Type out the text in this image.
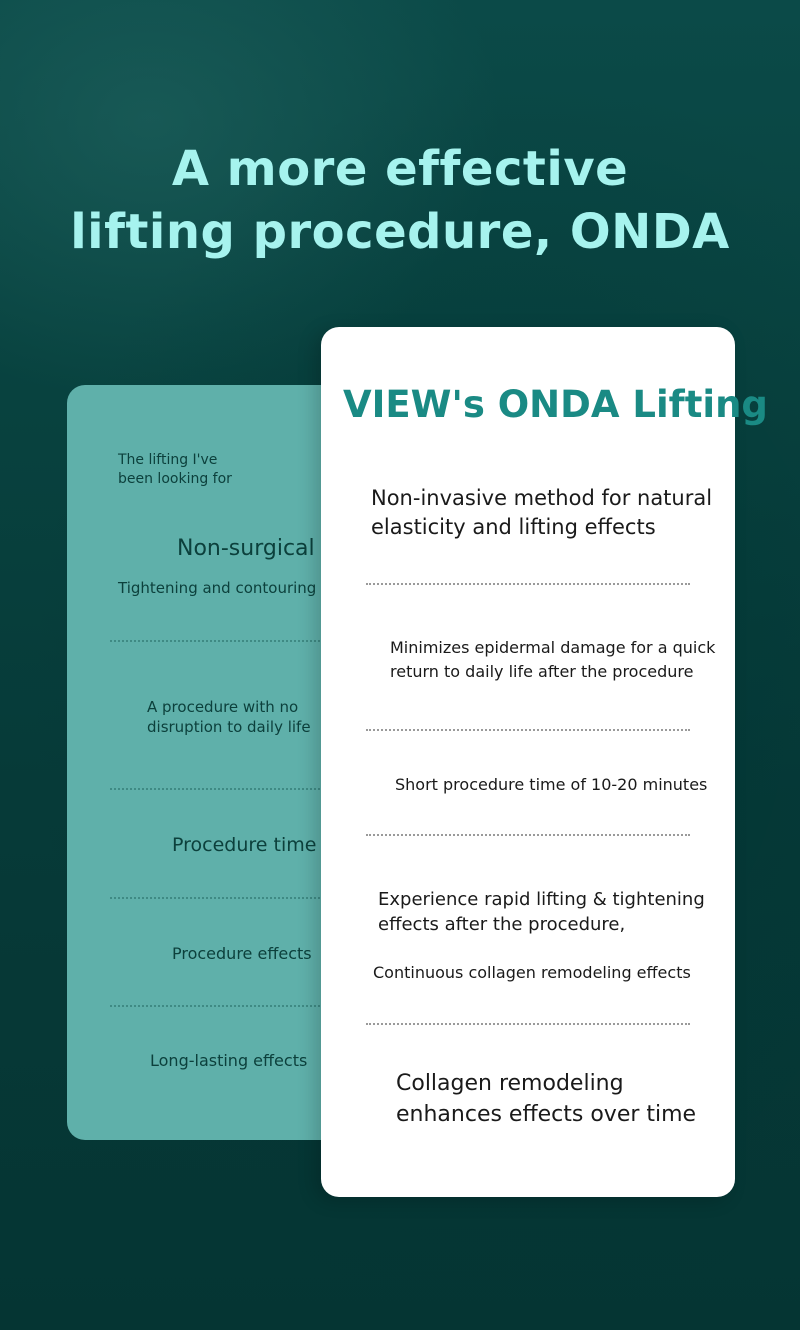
A more effective
lifting procedure, ONDA
The lifting I've
been looking for
Non-surgical
Tightening and contouring
A procedure with no
disruption to daily life
Procedure time
Procedure effects
Long-lasting effects
VIEW's ONDA Lifting
Non-invasive method for natural
elasticity and lifting effects
Minimizes epidermal damage for a quick
return to daily life after the procedure
Short procedure time of 10-20 minutes
Experience rapid lifting & tightening
effects after the procedure,
Continuous collagen remodeling effects
Collagen remodeling
enhances effects over time
